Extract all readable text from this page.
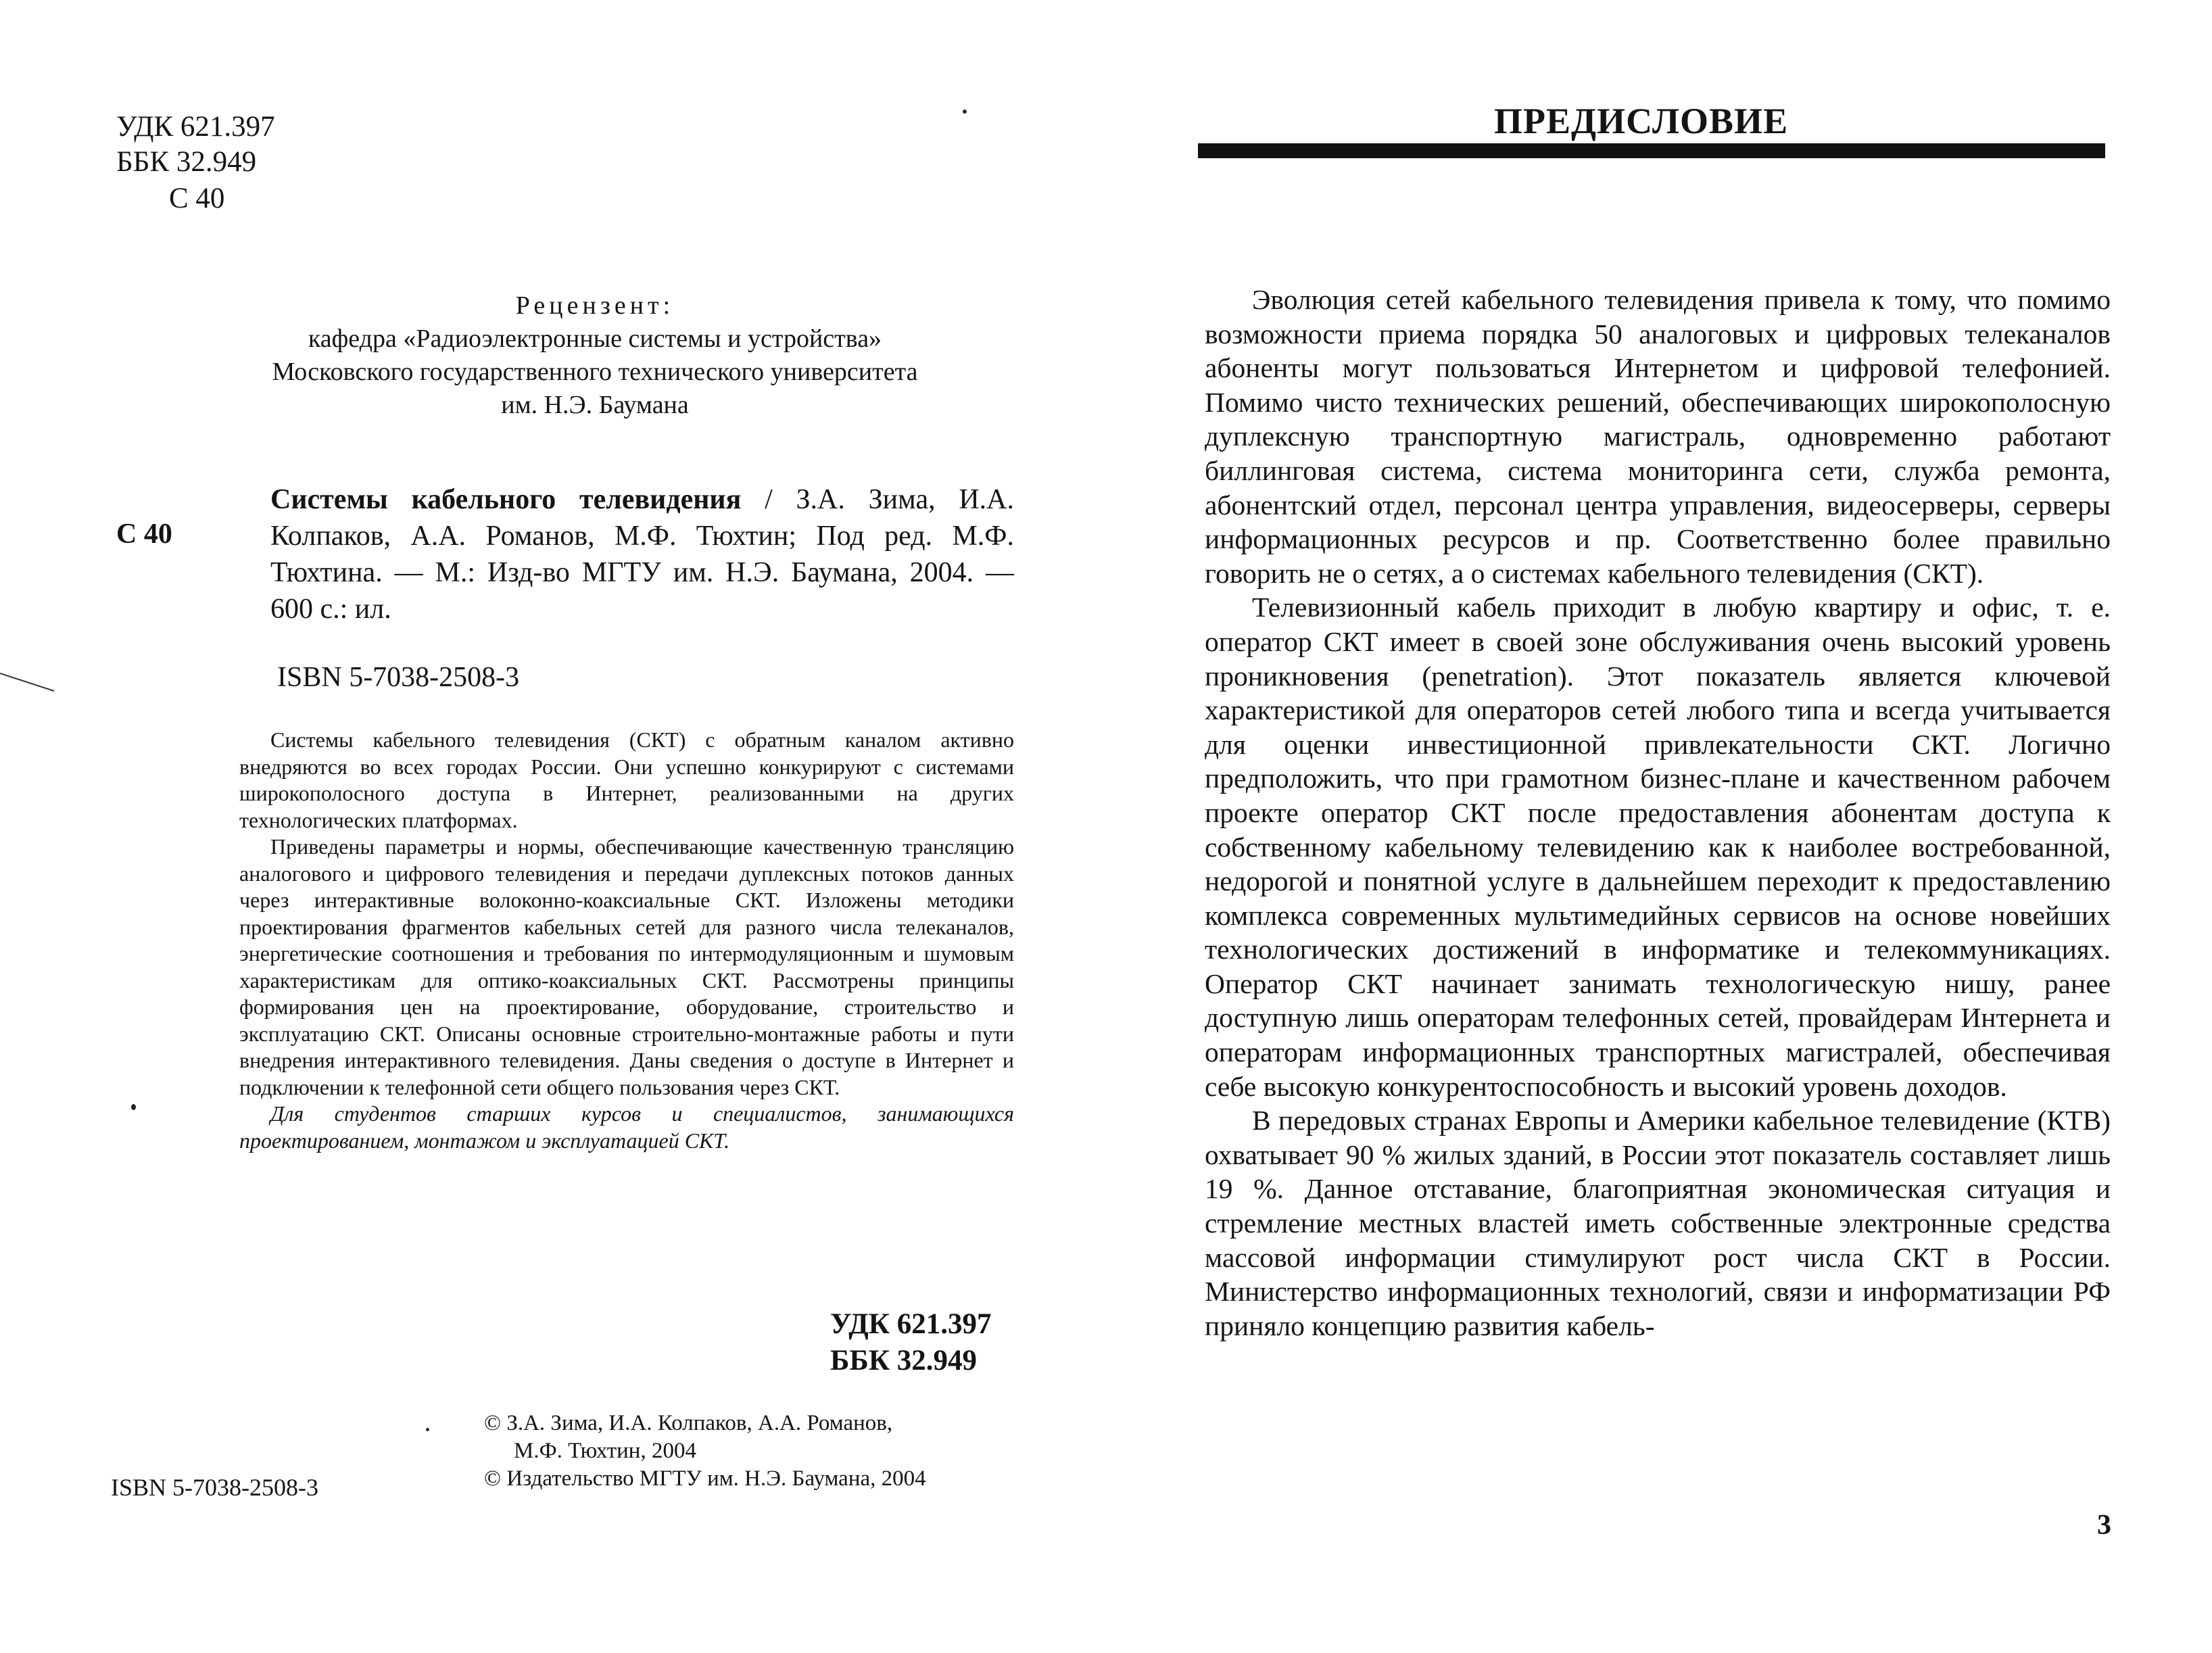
УДК 621.397
ББК 32.949
С 40
Рецензент:
кафедра «Радиоэлектронные системы и устройства»
Московского государственного технического университета
им. Н.Э. Баумана
С 40
Системы кабельного телевидения / З.А. Зима, И.А. Колпаков, А.А. Романов, М.Ф. Тюхтин; Под ред. М.Ф. Тюхтина. — М.: Изд-во МГТУ им. Н.Э. Баумана, 2004. — 600 с.: ил.
ISBN 5-7038-2508-3

Системы кабельного телевидения (СКТ) с обратным каналом активно внедряются во всех городах России. Они успешно конкурируют с системами широкополосного доступа в Интернет, реализованными на других технологических платформах.

Приведены параметры и нормы, обеспечивающие качественную трансляцию аналогового и цифрового телевидения и передачи дуплексных потоков данных через интерактивные волоконно-коаксиальные СКТ. Изложены методики проектирования фрагментов кабельных сетей для разного числа телеканалов, энергетические соотношения и требования по интермодуляционным и шумовым характеристикам для оптико-коаксиальных СКТ. Рассмотрены принципы формирования цен на проектирование, оборудование, строительство и эксплуатацию СКТ. Описаны основные строительно-монтажные работы и пути внедрения интерактивного телевидения. Даны сведения о доступе в Интернет и подключении к телефонной сети общего пользования через СКТ.

Для студентов старших курсов и специалистов, занимающихся проектированием, монтажом и эксплуатацией СКТ.

УДК 621.397
ББК 32.949
© З.А. Зима, И.А. Колпаков, А.А. Романов,
М.Ф. Тюхтин, 2004
© Издательство МГТУ им. Н.Э. Баумана, 2004
ISBN 5-7038-2508-3
ПРЕДИСЛОВИЕ

Эволюция сетей кабельного телевидения привела к тому, что помимо возможности приема порядка 50 аналоговых и цифровых телеканалов абоненты могут пользоваться Интернетом и цифровой телефонией. Помимо чисто технических решений, обеспечивающих широкополосную дуплексную транспортную магистраль, одновременно работают биллинговая система, система мониторинга сети, служба ремонта, абонентский отдел, персонал центра управления, видеосерверы, серверы информационных ресурсов и пр. Соответственно более правильно говорить не о сетях, а о системах кабельного телевидения (СКТ).

Телевизионный кабель приходит в любую квартиру и офис, т. е. оператор СКТ имеет в своей зоне обслуживания очень высокий уровень проникновения (penetration). Этот показатель является ключевой характеристикой для операторов сетей любого типа и всегда учитывается для оценки инвестиционной привлекательности СКТ. Логично предположить, что при грамотном бизнес-плане и качественном рабочем проекте оператор СКТ после предоставления абонентам доступа к собственному кабельному телевидению как к наиболее востребованной, недорогой и понятной услуге в дальнейшем переходит к предоставлению комплекса современных мультимедийных сервисов на основе новейших технологических достижений в информатике и телекоммуникациях. Оператор СКТ начинает занимать технологическую нишу, ранее доступную лишь операторам телефонных сетей, провайдерам Интернета и операторам информационных транспортных магистралей, обеспечивая себе высокую конкурентоспособность и высокий уровень доходов.

В передовых странах Европы и Америки кабельное телевидение (КТВ) охватывает 90 % жилых зданий, в России этот показатель составляет лишь 19 %. Данное отставание, благоприятная экономическая ситуация и стремление местных властей иметь собственные электронные средства массовой информации стимулируют рост числа СКТ в России. Министерство информационных технологий, связи и информатизации РФ приняло концепцию развития кабель-

3
